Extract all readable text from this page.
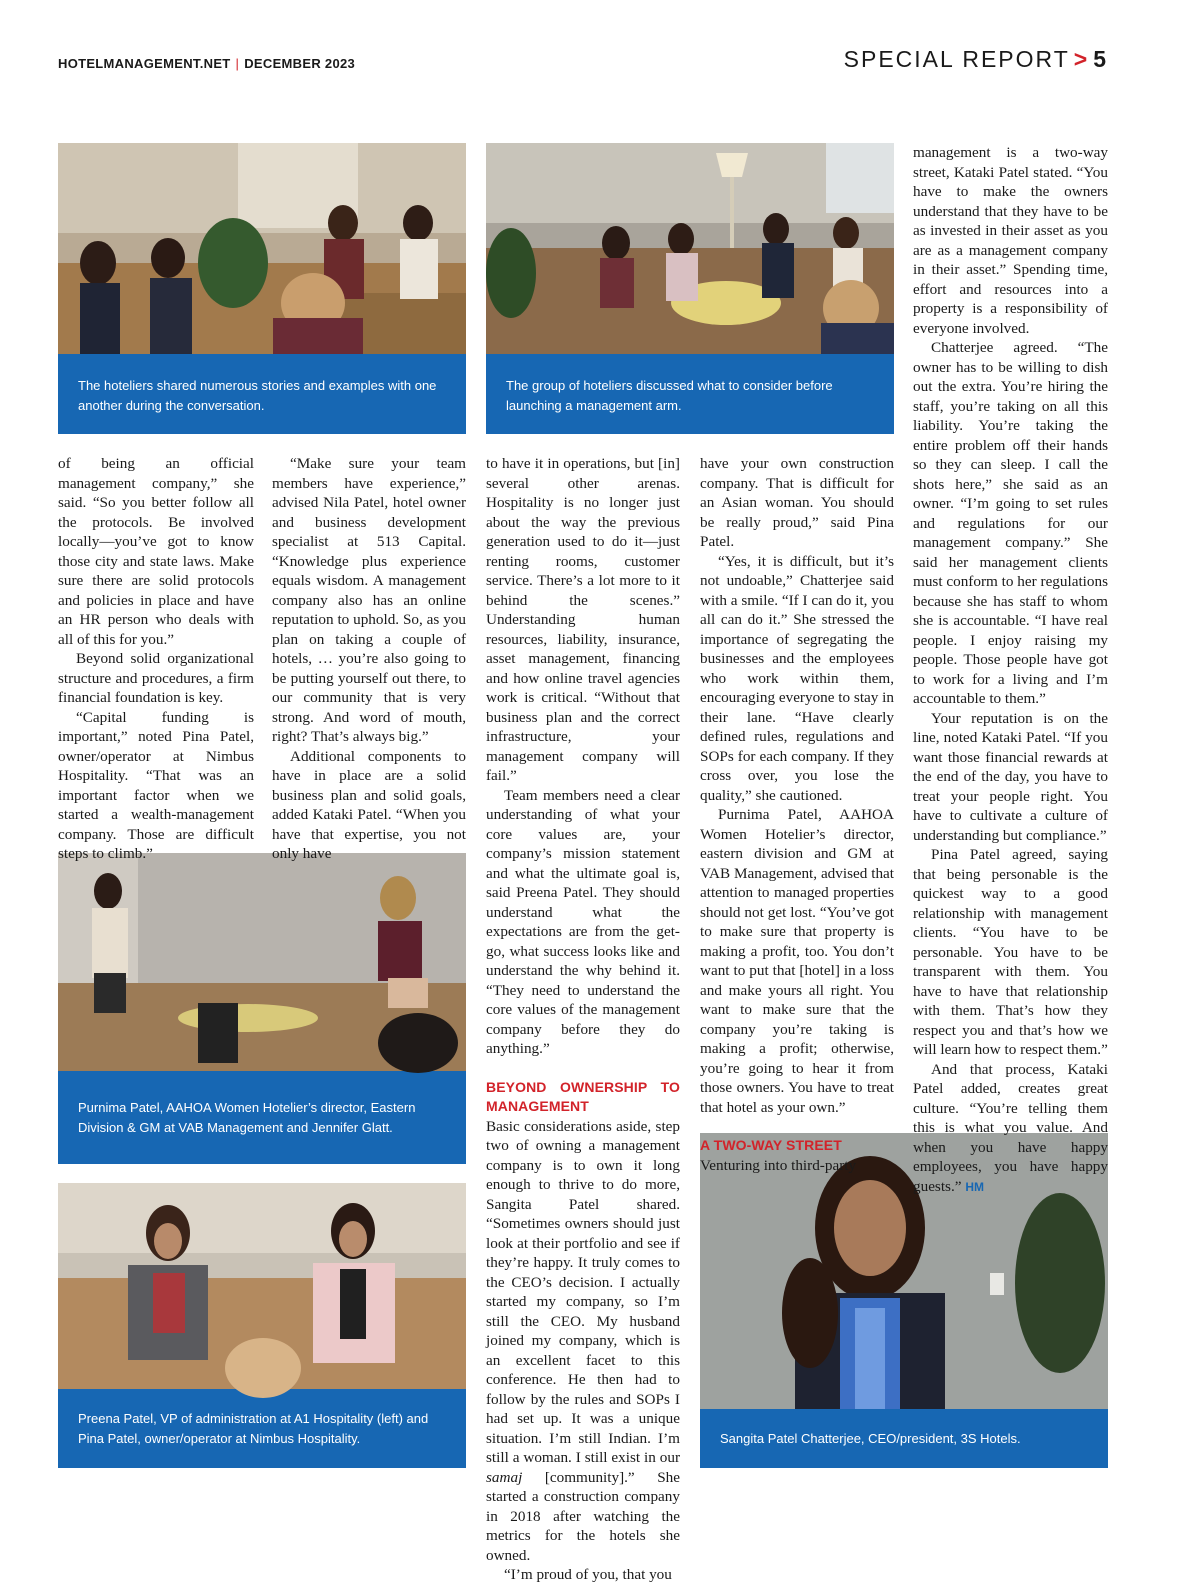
HOTELMANAGEMENT.NET | DECEMBER 2023	SPECIAL REPORT > 5
The hoteliers shared numerous stories and examples with one another during the conversation.
The group of hoteliers discussed what to consider before launching a management arm.
Purnima Patel, AAHOA Women Hotelier’s director, Eastern Division & GM at VAB Management and Jennifer Glatt.
Preena Patel, VP of administration at A1 Hospitality (left) and Pina Patel, owner/operator at Nimbus Hospitality.	Sangita Patel Chatterjee, CEO/president, 3S Hotels.

of being an official management company,” she said. “So you better follow all the protocols. Be involved locally—you’ve got to know those city and state laws. Make sure there are solid protocols and policies in place and have an HR person who deals with all of this for you.”

Beyond solid organizational structure and procedures, a firm financial foundation is key.

“Capital funding is important,” noted Pina Patel, owner/operator at Nimbus Hospitality. “That was an important factor when we started a wealth-management company. Those are difficult steps to climb.”

“Make sure your team members have experience,” advised Nila Patel, hotel owner and business development specialist at 513 Capital. “Knowledge plus experience equals wisdom. A management company also has an online reputation to uphold. So, as you plan on taking a couple of hotels, … you’re also going to be putting yourself out there, to our community that is very strong. And word of mouth, right? That’s always big.”

Additional components to have in place are a solid business plan and solid goals, added Kataki Patel. “When you have that expertise, you not only have

to have it in operations, but [in] several other arenas. Hospitality is no longer just about the way the previous generation used to do it—just renting rooms, customer service. There’s a lot more to it behind the scenes.” Understanding human resources, liability, insurance, asset management, financing and how online travel agencies work is critical. “Without that business plan and the correct infrastructure, your management company will fail.”

Team members need a clear understanding of what your core values are, your company’s mission statement and what the ultimate goal is, said Preena Patel. They should understand what the expectations are from the get-go, what success looks like and understand the why behind it. “They need to understand the core values of the management company before they do anything.”

BEYOND OWNERSHIP TO MANAGEMENT

Basic considerations aside, step two of owning a management company is to own it long enough to thrive to do more, Sangita Patel shared. “Sometimes owners should just look at their portfolio and see if they’re happy. It truly comes to the CEO’s decision. I actually started my company, so I’m still the CEO. My husband joined my company, which is an excellent facet to this conference. He then had to follow by the rules and SOPs I had set up. It was a unique situation. I’m still Indian. I’m still a woman. I still exist in our samaj [community].” She started a construction company in 2018 after watching the metrics for the hotels she owned.

“I’m proud of you, that you

have your own construction company. That is difficult for an Asian woman. You should be really proud,” said Pina Patel.

“Yes, it is difficult, but it’s not undoable,” Chatterjee said with a smile. “If I can do it, you all can do it.” She stressed the importance of segregating the businesses and the employees who work within them, encouraging everyone to stay in their lane. “Have clearly defined rules, regulations and SOPs for each company. If they cross over, you lose the quality,” she cautioned.

Purnima Patel, AAHOA Women Hotelier’s director, eastern division and GM at VAB Management, advised that attention to managed properties should not get lost. “You’ve got to make sure that property is making a profit, too. You don’t want to put that [hotel] in a loss and make yours all right. You want to make sure that the company you’re taking is making a profit; otherwise, you’re going to hear it from those owners. You have to treat that hotel as your own.”

A TWO-WAY STREET

Venturing into third-party

management is a two-way street, Kataki Patel stated. “You have to make the owners understand that they have to be as invested in their asset as you are as a management company in their asset.” Spending time, effort and resources into a property is a responsibility of everyone involved.

Chatterjee agreed. “The owner has to be willing to dish out the extra. You’re hiring the staff, you’re taking on all this liability. You’re taking the entire problem off their hands so they can sleep. I call the shots here,” she said as an owner. “I’m going to set rules and regulations for our management company.” She said her management clients must conform to her regulations because she has staff to whom she is accountable. “I have real people. I enjoy raising my people. Those people have got to work for a living and I’m accountable to them.”

Your reputation is on the line, noted Kataki Patel. “If you want those financial rewards at the end of the day, you have to treat your people right. You have to cultivate a culture of understanding but compliance.”

Pina Patel agreed, saying that being personable is the quickest way to a good relationship with management clients. “You have to be personable. You have to be transparent with them. You have to have that relationship with them. That’s how they respect you and that’s how we will learn how to respect them.”

And that process, Kataki Patel added, creates great culture. “You’re telling them this is what you value. And when you have happy employees, you have happy guests.” HM
